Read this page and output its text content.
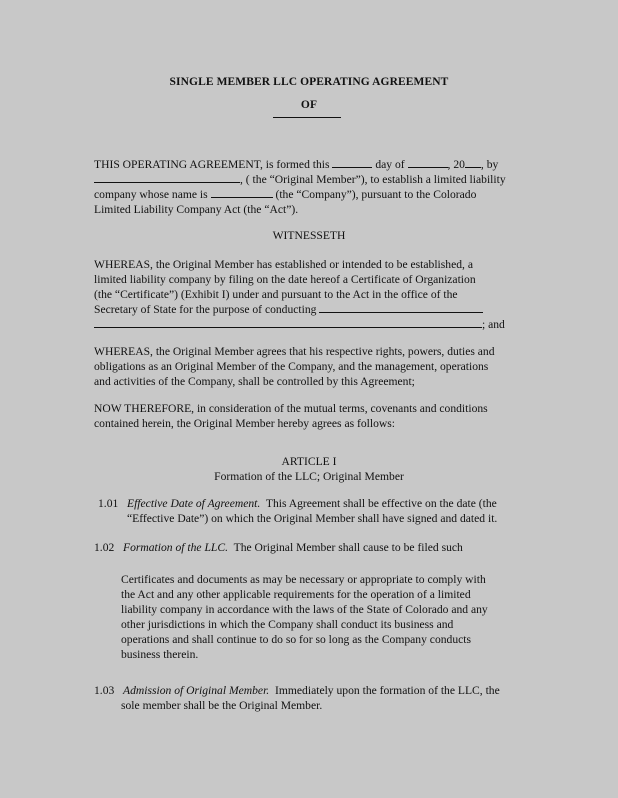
SINGLE MEMBER LLC OPERATING AGREEMENT
OF
THIS OPERATING AGREEMENT, is formed this	day of	, 20 , by
, ( the “Original Member”), to establish a limited liability
company whose name is	(the “Company”), pursuant to the Colorado
Limited Liability Company Act (the “Act”).
WITNESSETH
WHEREAS, the Original Member has established or intended to be established, a
limited liability company by filing on the date hereof a Certificate of Organization
(the “Certificate”) (Exhibit I) under and pursuant to the Act in the office of the
Secretary of State for the purpose of conducting
; and
WHEREAS, the Original Member agrees that his respective rights, powers, duties and
obligations as an Original Member of the Company, and the management, operations
and activities of the Company, shall be controlled by this Agreement;
NOW THEREFORE, in consideration of the mutual terms, covenants and conditions
contained herein, the Original Member hereby agrees as follows:
ARTICLE I
Formation of the LLC; Original Member
1.01 Effective Date of Agreement. This Agreement shall be effective on the date (the
“Effective Date”) on which the Original Member shall have signed and dated it.
1.02 Formation of the LLC. The Original Member shall cause to be filed such
Certificates and documents as may be necessary or appropriate to comply with
the Act and any other applicable requirements for the operation of a limited
liability company in accordance with the laws of the State of Colorado and any
other jurisdictions in which the Company shall conduct its business and
operations and shall continue to do so for so long as the Company conducts
business therein.
1.03 Admission of Original Member. Immediately upon the formation of the LLC, the
sole member shall be the Original Member.
